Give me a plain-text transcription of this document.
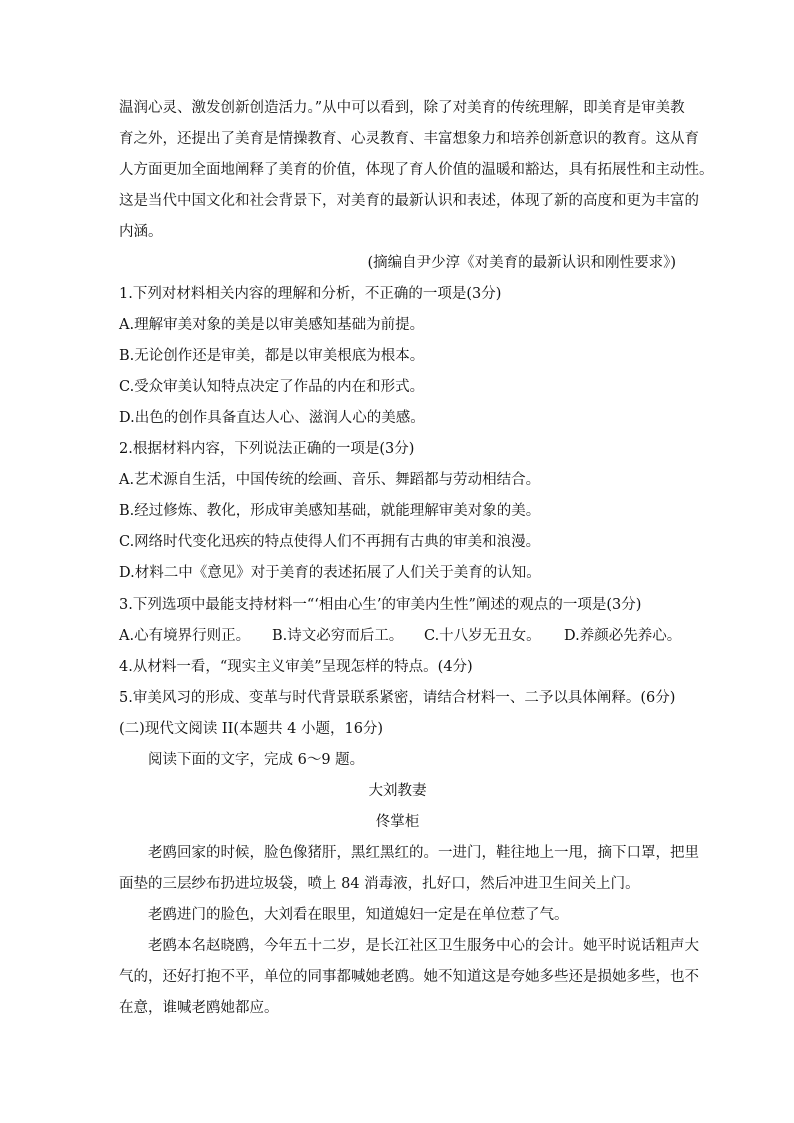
温润心灵、激发创新创造活力。”从中可以看到，除了对美育的传统理解，即美育是审美教
育之外，还提出了美育是情操教育、心灵教育、丰富想象力和培养创新意识的教育。这从育
人方面更加全面地阐释了美育的价值，体现了育人价值的温暖和豁达，具有拓展性和主动性。
这是当代中国文化和社会背景下，对美育的最新认识和表述，体现了新的高度和更为丰富的
内涵。
(摘编自尹少淳《对美育的最新认识和刚性要求》)
1.下列对材料相关内容的理解和分析，不正确的一项是(3分)
A.理解审美对象的美是以审美感知基础为前提。
B.无论创作还是审美，都是以审美根底为根本。
C.受众审美认知特点决定了作品的内在和形式。
D.出色的创作具备直达人心、滋润人心的美感。
2.根据材料内容，下列说法正确的一项是(3分)
A.艺术源自生活，中国传统的绘画、音乐、舞蹈都与劳动相结合。
B.经过修炼、教化，形成审美感知基础，就能理解审美对象的美。
C.网络时代变化迅疾的特点使得人们不再拥有古典的审美和浪漫。
D.材料二中《意见》对于美育的表述拓展了人们关于美育的认知。
3.下列选项中最能支持材料一“‘相由心生’的审美内生性”阐述的观点的一项是(3分)
A.心有境界行则正。 B.诗文必穷而后工。 C.十八岁无丑女。 D.养颜必先养心。
4.从材料一看，“现实主义审美”呈现怎样的特点。(4分)
5.审美风习的形成、变革与时代背景联系紧密，请结合材料一、二予以具体阐释。(6分)
(二)现代文阅读 II(本题共 4 小题，16分)
阅读下面的文字，完成 6～9 题。
大刘教妻
佟掌柜
老鸥回家的时候，脸色像猪肝，黑红黑红的。一进门，鞋往地上一甩，摘下口罩，把里
面垫的三层纱布扔进垃圾袋，喷上 84 消毒液，扎好口，然后冲进卫生间关上门。
老鸥进门的脸色，大刘看在眼里，知道媳妇一定是在单位惹了气。
老鸥本名赵晓鸥，今年五十二岁，是长江社区卫生服务中心的会计。她平时说话粗声大
气的，还好打抱不平，单位的同事都喊她老鸥。她不知道这是夸她多些还是损她多些，也不
在意，谁喊老鸥她都应。
